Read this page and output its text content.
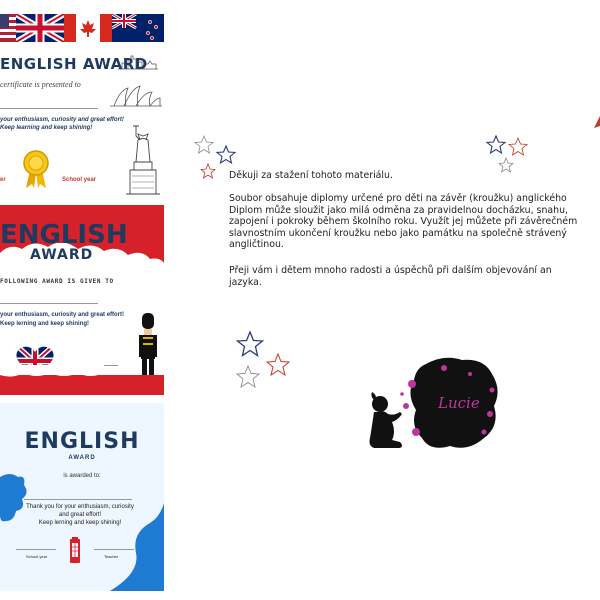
ENGLISH AWARD
certificate is presented to
your enthusiasm, curiosity and great effort!
Keep learning and keep shining!
er	School year
ENGLISH
AWARD
FOLLOWING AWARD IS GIVEN TO
your enthusiasm, curiosity and great effort!
Keep lerning and keep shining!
ENGLISH
AWARD
is awarded to:
Thank you for your enthusiasm, curiosity
and great effort!
Keep lerning and keep shining!
School year	Teacher
Děkuji za stažení tohoto materiálu.
Soubor obsahuje diplomy určené pro děti na závěr (kroužku) anglického
Diplom může sloužit jako milá odměna za pravidelnou docházku, snahu,
zapojení i pokroky během školního roku. Využít jej můžete při závěrečném
slavnostním ukončení kroužku nebo jako památku na společně strávený
angličtinou.
Přeji vám i dětem mnoho radosti a úspěchů při dalším objevování an
jazyka.
Lucie
